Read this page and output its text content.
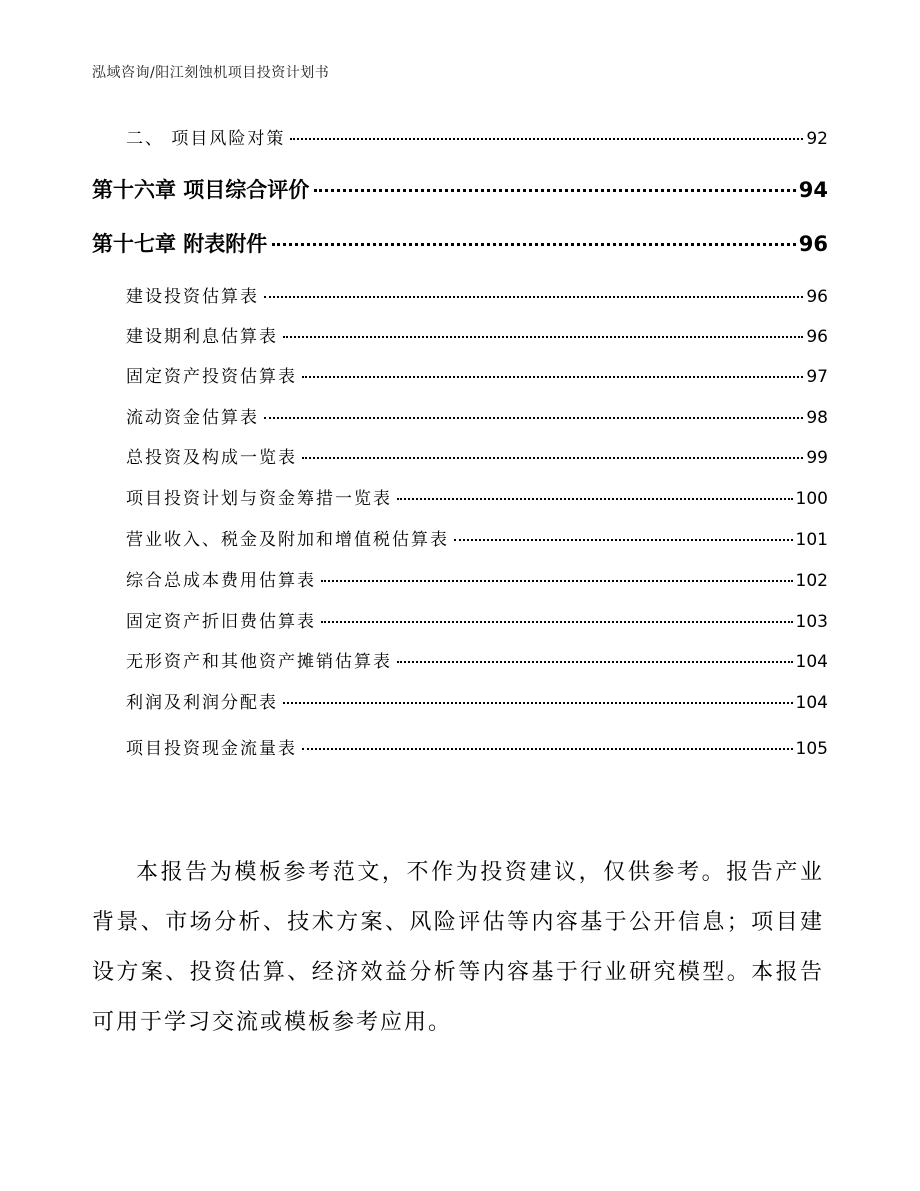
泓域咨询/阳江刻蚀机项目投资计划书
二、 项目风险对策	92
第十六章 项目综合评价	94
第十七章 附表附件	96
建设投资估算表	96
建设期利息估算表	96
固定资产投资估算表	97
流动资金估算表	98
总投资及构成一览表	99
项目投资计划与资金筹措一览表	100
营业收入、税金及附加和增值税估算表	101
综合总成本费用估算表	102
固定资产折旧费估算表	103
无形资产和其他资产摊销估算表	104
利润及利润分配表	104
项目投资现金流量表	105
本报告为模板参考范文，不作为投资建议，仅供参考。报告产业背景、市场分析、技术方案、风险评估等内容基于公开信息；项目建设方案、投资估算、经济效益分析等内容基于行业研究模型。本报告可用于学习交流或模板参考应用。
